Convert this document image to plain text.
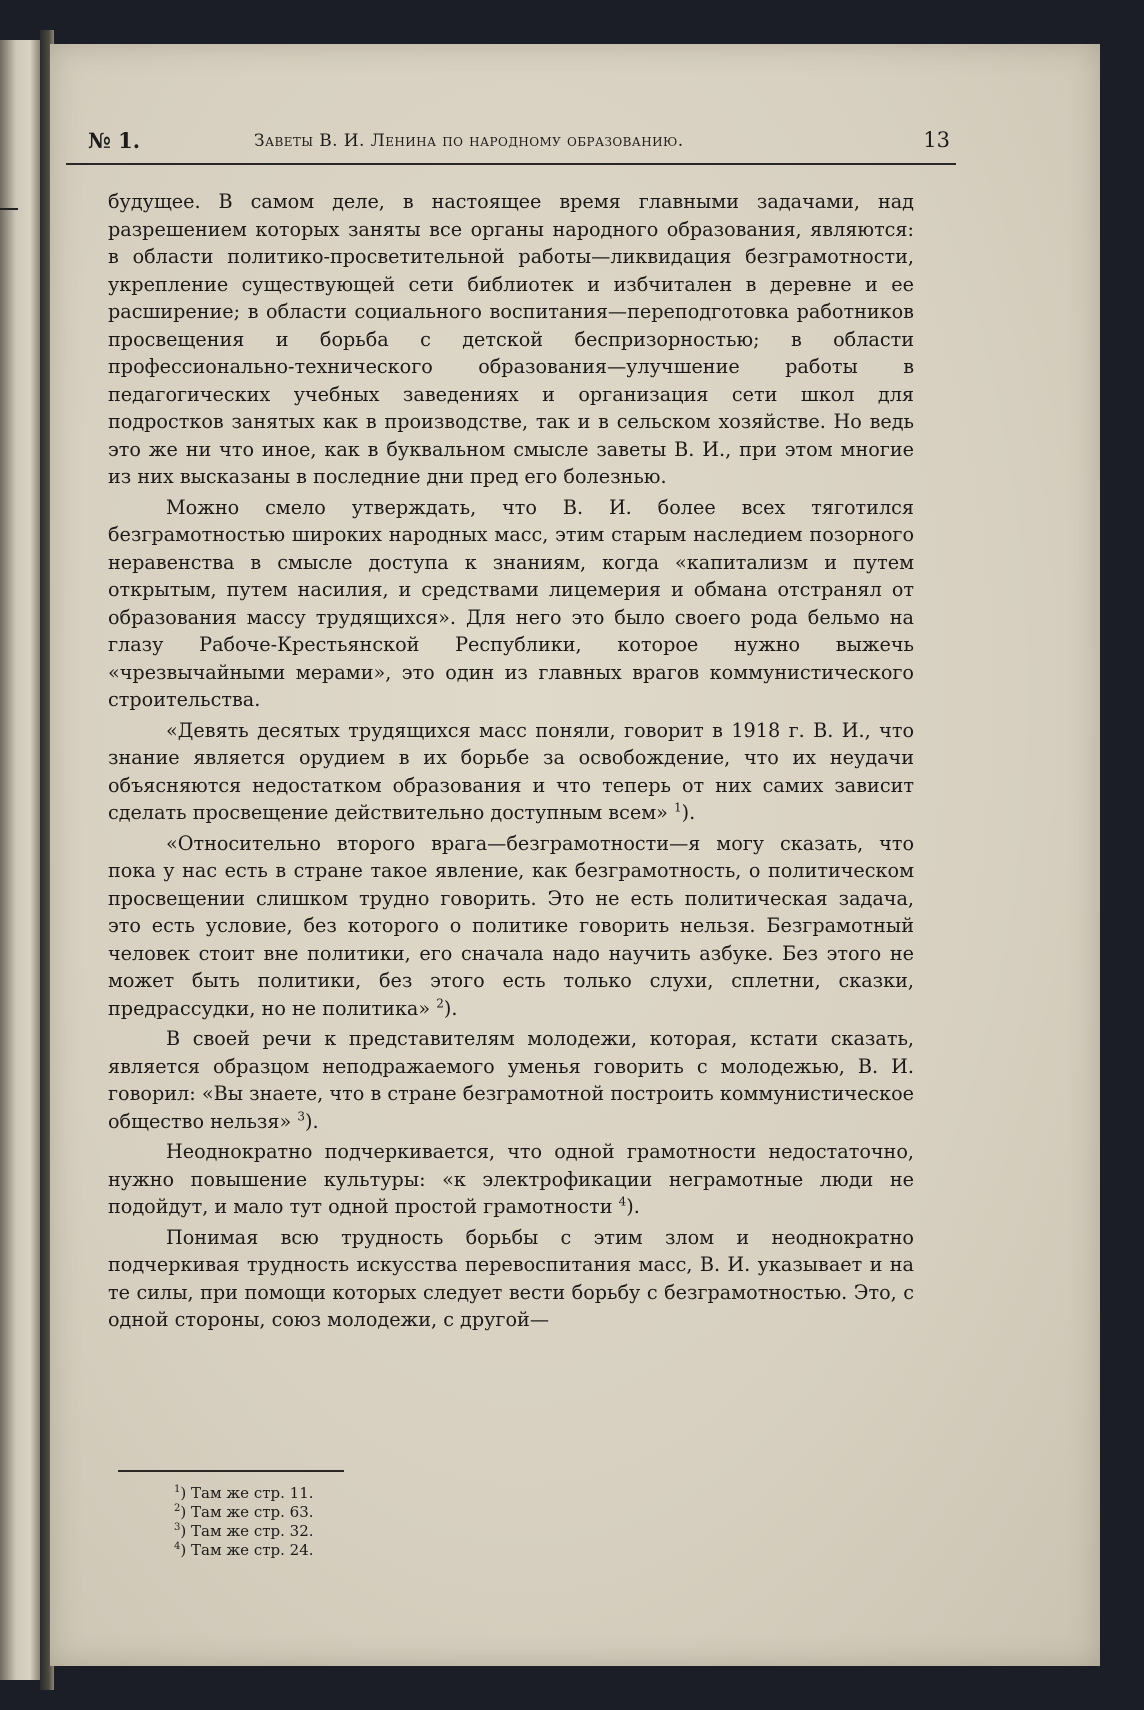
№ 1.	Заветы В. И. Ленина по народному образованию.	13

будущее. В самом деле, в настоящее время главными задачами, над разрешением которых заняты все органы народного образования, являются: в области политико-просветительной работы—ликвидация безграмотности, укрепление существующей сети библиотек и избчитален в деревне и ее расширение; в области социального воспитания—переподготовка работников просвещения и борьба с детской беспризорностью; в области профессионально-технического образования—улучшение работы в педагогических учебных заведениях и организация сети школ для подростков занятых как в производстве, так и в сельском хозяйстве. Но ведь это же ни что иное, как в буквальном смысле заветы В. И., при этом многие из них высказаны в последние дни пред его болезнью.

Можно смело утверждать, что В. И. более всех тяготился безграмотностью широких народных масс, этим старым наследием позорного неравенства в смысле доступа к знаниям, когда «капитализм и путем открытым, путем насилия, и средствами лицемерия и обмана отстранял от образования массу трудящихся». Для него это было своего рода бельмо на глазу Рабоче-Крестьянской Республики, которое нужно выжечь «чрезвычайными мерами», это один из главных врагов коммунистического строительства.

«Девять десятых трудящихся масс поняли, говорит в 1918 г. В. И., что знание является орудием в их борьбе за освобождение, что их неудачи объясняются недостатком образования и что теперь от них самих зависит сделать просвещение действительно доступным всем» $^1$).

«Относительно второго врага—безграмотности—я могу сказать, что пока у нас есть в стране такое явление, как безграмотность, о политическом просвещении слишком трудно говорить. Это не есть политическая задача, это есть условие, без которого о политике говорить нельзя. Безграмотный человек стоит вне политики, его сначала надо научить азбуке. Без этого не может быть политики, без этого есть только слухи, сплетни, сказки, предрассудки, но не политика» $^2$).

В своей речи к представителям молодежи, которая, кстати сказать, является образцом неподражаемого уменья говорить с молодежью, В. И. говорил: «Вы знаете, что в стране безграмотной построить коммунистическое общество нельзя» $^3$).

Неоднократно подчеркивается, что одной грамотности недостаточно, нужно повышение культуры: «к электрофикации неграмотные люди не подойдут, и мало тут одной простой грамотности $^4$).

Понимая всю трудность борьбы с этим злом и неоднократно подчеркивая трудность искусства перевоспитания масс, В. И. указывает и на те силы, при помощи которых следует вести борьбу с безграмотностью. Это, с одной стороны, союз молодежи, с другой—

$^1$) Там же стр. 11.
$^2$) Там же стр. 63.
$^3$) Там же стр. 32.
$^4$) Там же стр. 24.
